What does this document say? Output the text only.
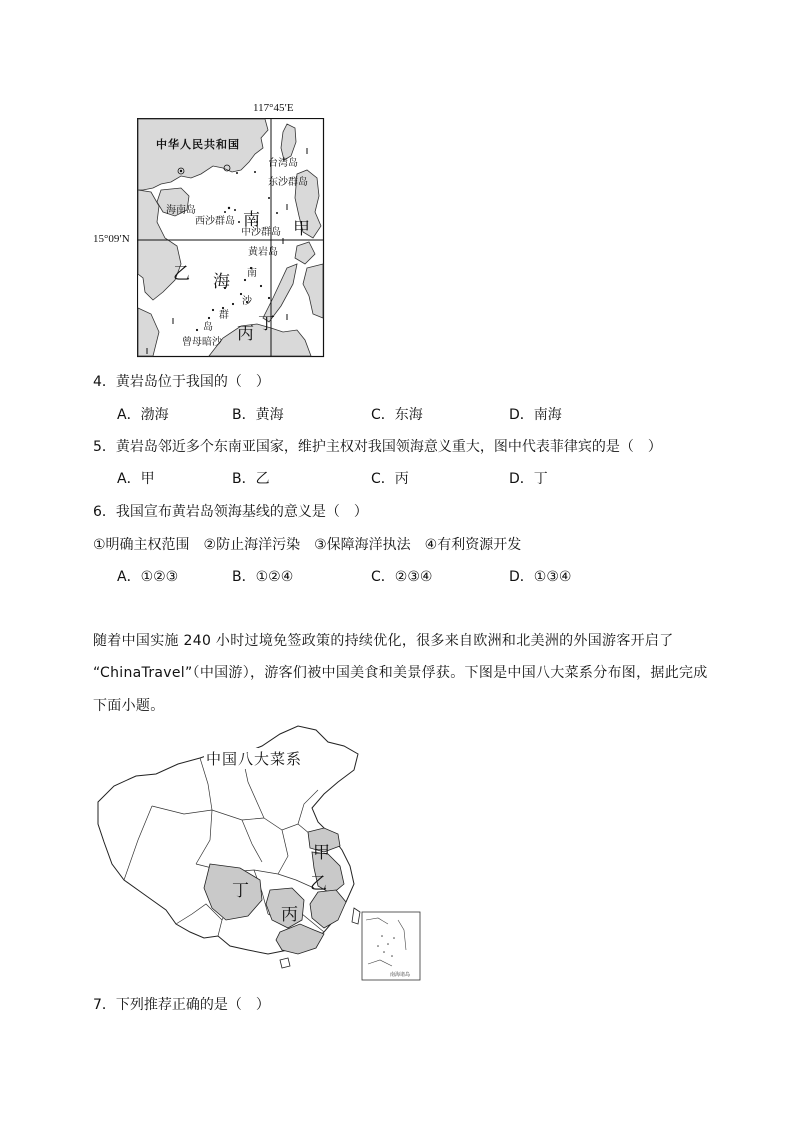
117°45′E
15°09′N
中华人民共和国
台湾岛
东沙群岛
海南岛
西沙群岛
中沙群岛
黄岩岛
南
海 南
沙
群
岛
曾母暗沙
甲
乙
丙 丁
4．黄岩岛位于我国的（　）
A．渤海	B．黄海	C．东海	D．南海
5．黄岩岛邻近多个东南亚国家，维护主权对我国领海意义重大，图中代表菲律宾的是（　）
A．甲	B．乙	C．丙	D．丁
6．我国宣布黄岩岛领海基线的意义是（　）
①明确主权范围　②防止海洋污染　③保障海洋执法　④有利资源开发
A．①②③	B．①②④	C．②③④	D．①③④
随着中国实施 240 小时过境免签政策的持续优化，很多来自欧洲和北美洲的外国游客开启了
“ChinaTravel”（中国游），游客们被中国美食和美景俘获。下图是中国八大菜系分布图，据此完成
下面小题。
中国八大菜系
甲
乙
丁
丙
南海诸岛
7．下列推荐正确的是（　）
